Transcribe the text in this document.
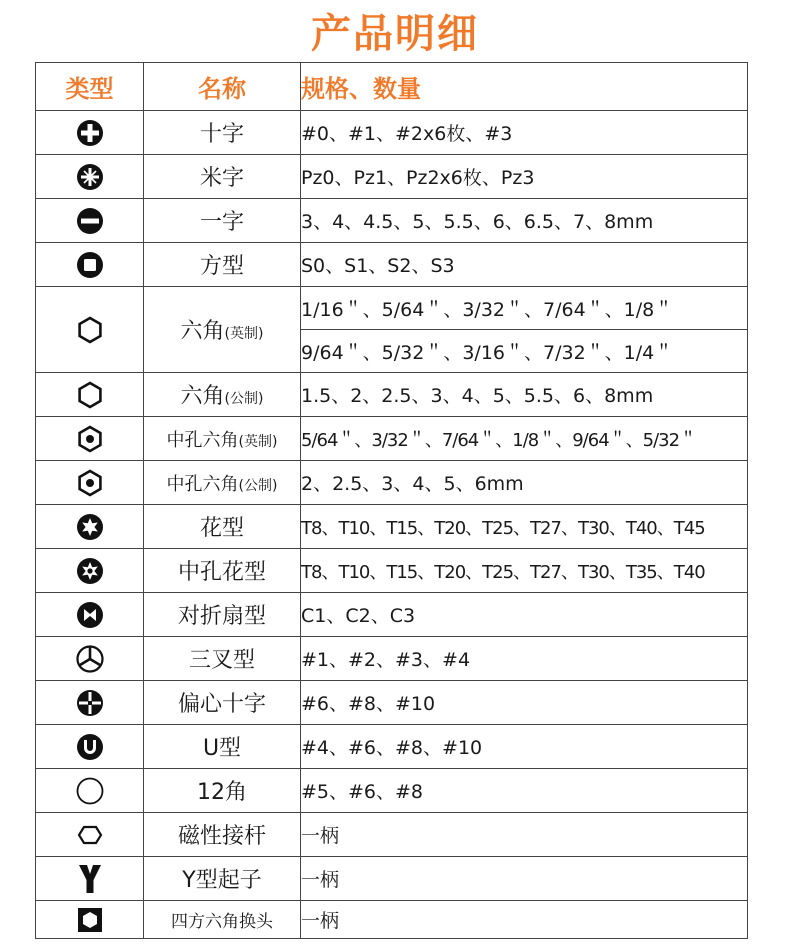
产品明细
类型	名称	规格、数量

	十字	#0、#1、#2x6枚、#3

	米字	Pz0、Pz1、Pz2x6枚、Pz3

	一字	3、4、4.5、5、5.5、6、6.5、7、8mm

	方型	S0、S1、S2、S3

	六角(英制)	1/16＂、5/64＂、3/32＂、7/64＂、1/8＂
		9/64＂、5/32＂、3/16＂、7/32＂、1/4＂

	六角(公制)	1.5、2、2.5、3、4、5、5.5、6、8mm

	中孔六角(英制)	5/64＂、3/32＂、7/64＂、1/8＂、9/64＂、5/32＂

	中孔六角(公制)	2、2.5、3、4、5、6mm

	花型	T8、T10、T15、T20、T25、T27、T30、T40、T45

	中孔花型	T8、T10、T15、T20、T25、T27、T30、T35、T40

	对折扇型	C1、C2、C3

	三叉型	#1、#2、#3、#4

	偏心十字	#6、#8、#10

	U型	#4、#6、#8、#10

	12角	#5、#6、#8

	磁性接杆	一柄

	Y型起子	一柄

	四方六角换头	一柄
